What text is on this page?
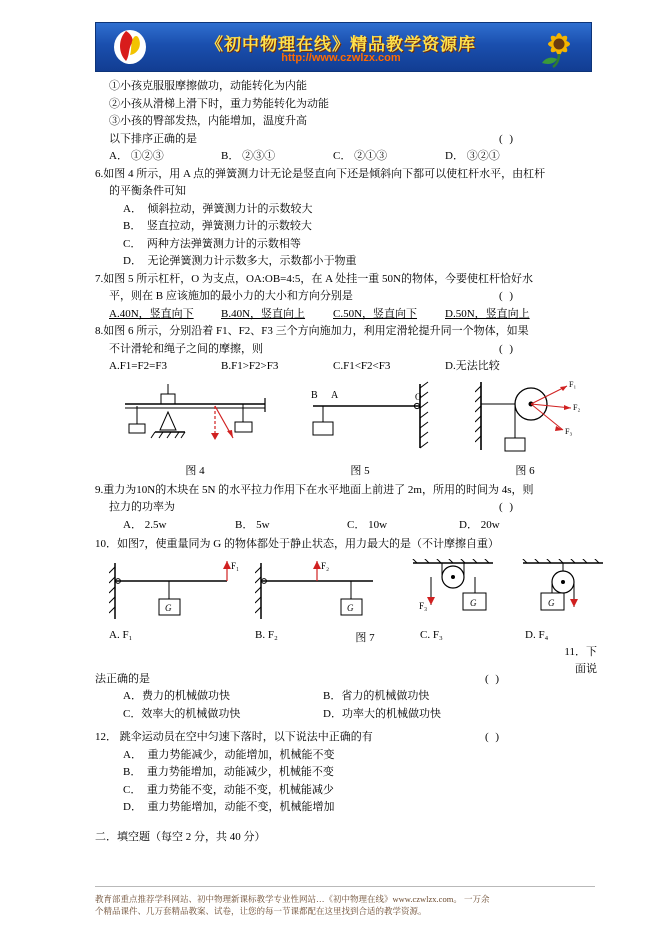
《初中物理在线》精品教学资源库
http://www.czwlzx.com
①小孩克服服摩擦做功，动能转化为内能
②小孩从滑梯上滑下时，重力势能转化为动能
③小孩的臀部发热，内能增加，温度升高
以下排序正确的是	( )
A． ①②③	B． ②③①	C． ②①③	D． ③②①
6.如图 4 所示，用 A 点的弹簧测力计无论是竖直向下还是倾斜向下都可以使杠杆水平，由杠杆
的平衡条件可知
A．  倾斜拉动，弹簧测力计的示数较大
B．  竖直拉动，弹簧测力计的示数较大
C．  两种方法弹簧测力计的示数相等
D．  无论弹簧测力计示数多大，示数都小于物重
7.如图 5 所示杠杆，O 为支点，OA:OB=4:5，在 A 处挂一重 50N的物体，今要使杠杆恰好水
平，则在 B 应该施加的最小力的大小和方向分别是	( )
A.40N，竖直向下	B.40N，竖直向上	C.50N，竖直向下	D.50N，竖直向上
8.如图 6 所示，分别沿着 F1、F2、F3 三个方向施加力，利用定滑轮提升同一个物体，如果
不计滑轮和绳子之间的摩擦，则	( )
A.F1=F2=F3	B.F1>F2>F3	C.F1<F2<F3	D.无法比较
O
B A
F₁
F₂
F₃
图 4	图 5	图 6
9.重力为10N的木块在 5N 的水平拉力作用下在水平地面上前进了 2m，所用的时间为 4s，则
拉力的功率为	( )
A． 2.5w	B． 5w	C． 10w	D． 20w
10．如图7，使重量同为 G 的物体都处于静止状态，用力最大的是（不计摩擦自重）
F₁
G
F₂
G	F₃	G	G
A. F₁	B. F₂	图 7	C. F₃	D. F₄
11．下
面说
法正确的是	( )
A．费力的机械做功快	B．省力的机械做功快
C．效率大的机械做功快	D．功率大的机械做功快
12． 跳伞运动员在空中匀速下落时，以下说法中正确的有	( )
A．  重力势能减少，动能增加，机械能不变
B．  重力势能增加，动能减少，机械能不变
C．  重力势能不变，动能不变，机械能减少
D．  重力势能增加，动能不变，机械能增加
二．填空题（每空 2 分，共 40 分）
教育部重点推荐学科网站、初中物理新课标教学专业性网站…《初中物理在线》www.czwlzx.com。 一万余
个精品课件、几万套精品教案、试卷，让您的每一节课都配在这里找到合适的教学资源。
